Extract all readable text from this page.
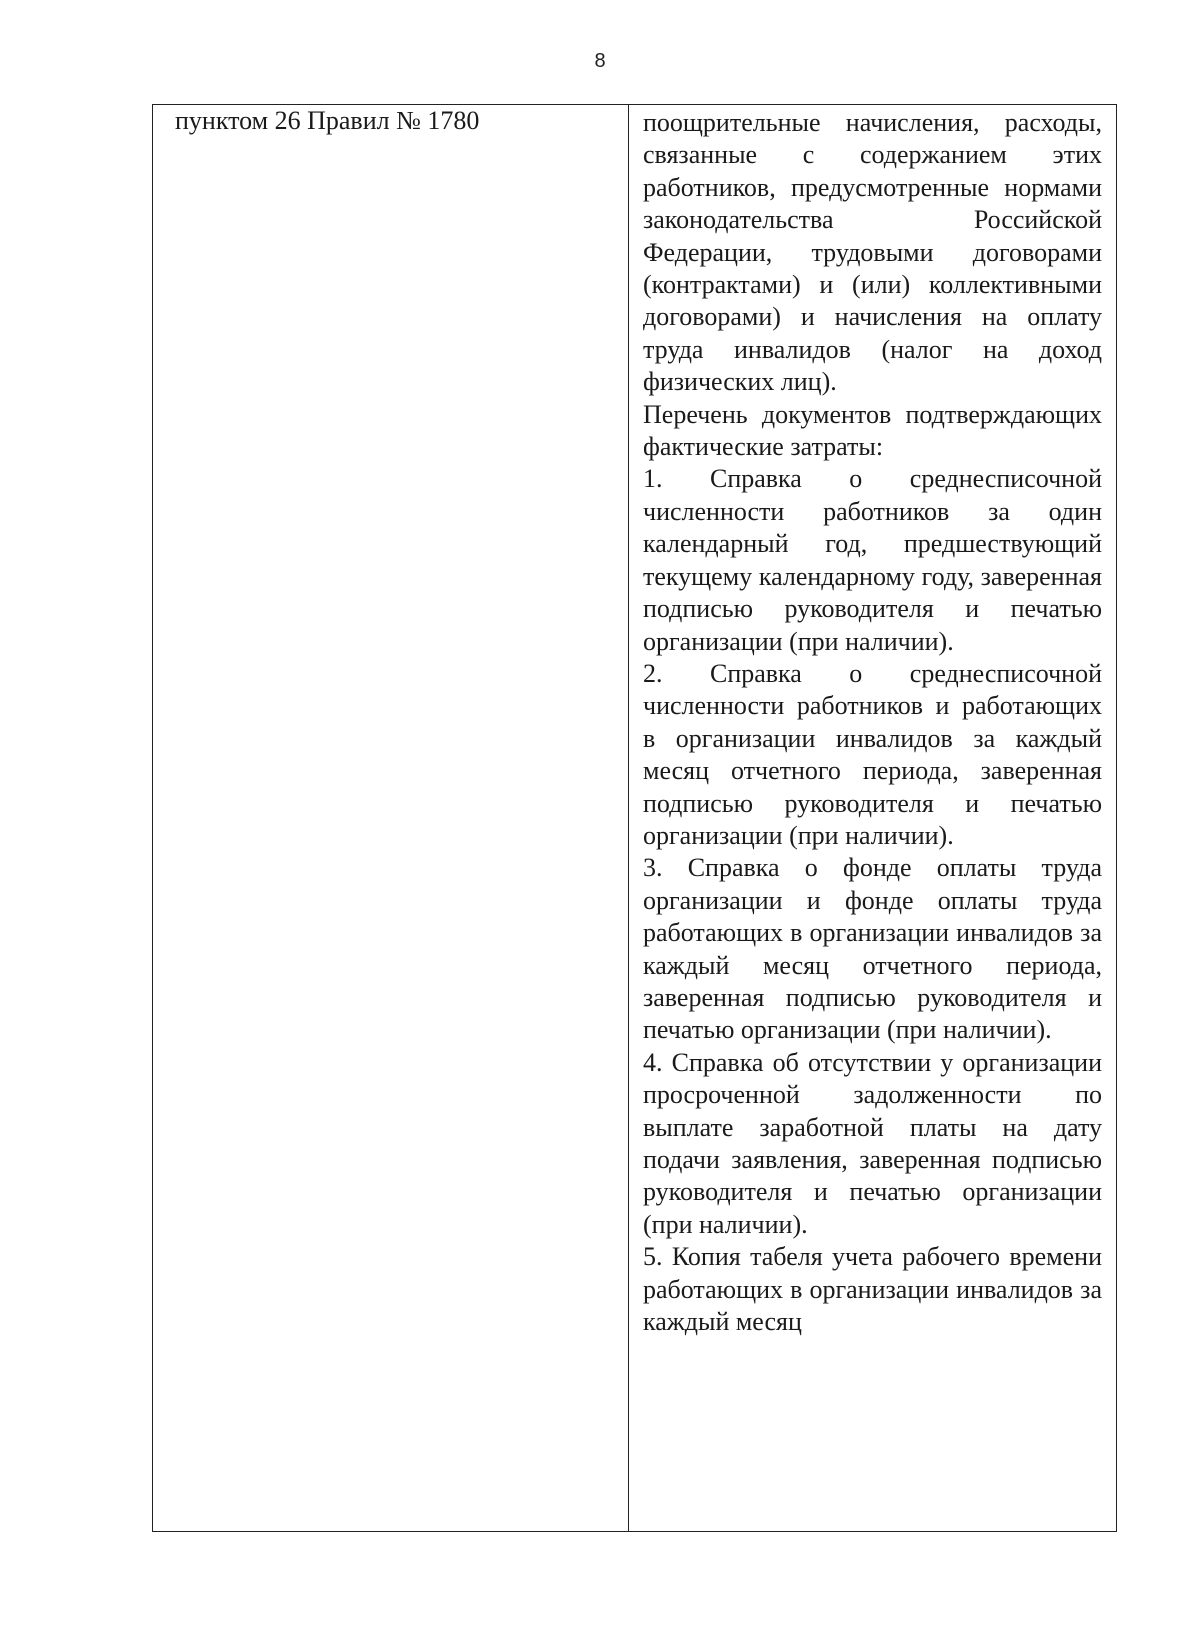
8

пунктом 26 Правил № 1780	поощрительные начисления, расходы, связанные с содержанием этих работников, предусмотренные нормами законодательства Российской Федерации, трудовыми договорами (контрактами) и (или) коллективными договорами) и начисления на оплату труда инвалидов (налог на доход физических лиц).

Перечень документов подтверждающих фактические затраты:

1. Справка о среднесписочной численности работников за один календарный год, предшествующий текущему календарному году, заверенная подписью руководителя и печатью организации (при наличии).

2. Справка о среднесписочной численности работников и работающих в организации инвалидов за каждый месяц отчетного периода, заверенная подписью руководителя и печатью организации (при наличии).

3. Справка о фонде оплаты труда организации и фонде оплаты труда работающих в организации инвалидов за каждый месяц отчетного периода, заверенная подписью руководителя и печатью организации (при наличии).

4. Справка об отсутствии у организации просроченной задолженности по выплате заработной платы на дату подачи заявления, заверенная подписью руководителя и печатью организации (при наличии).

5. Копия табеля учета рабочего времени работающих в организации инвалидов за каждый месяц
